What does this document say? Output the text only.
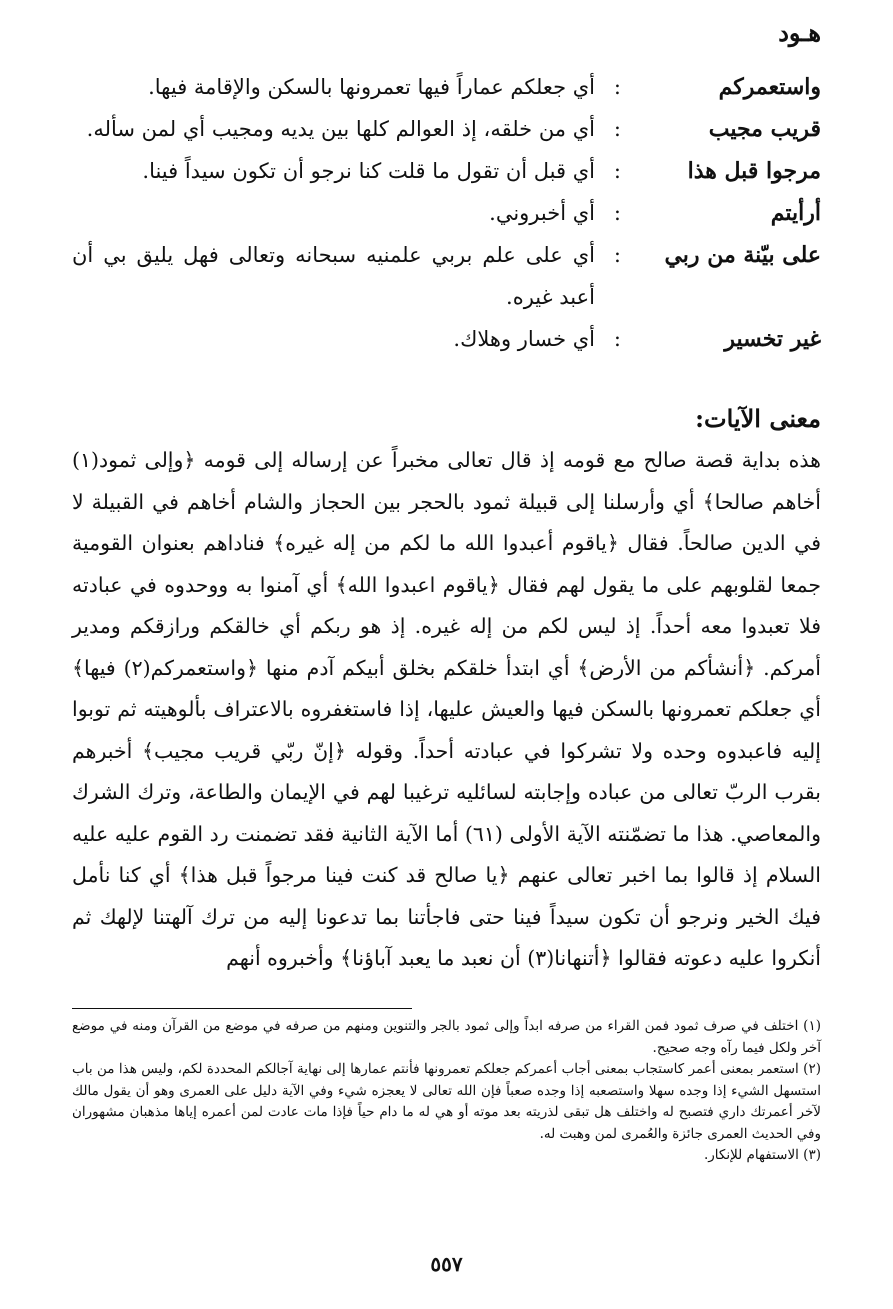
هـود
واستعمركم
:
أي جعلكم عماراً فيها تعمرونها بالسكن والإقامة فيها.
قريب مجيب
:
أي من خلقه، إذ العوالم كلها بين يديه ومجيب أي لمن سأله.
مرجوا قبل هذا
:
أي قبل أن تقول ما قلت كنا نرجو أن تكون سيداً فينا.
أرأيتم
:
أي أخبروني.
على بيّنة من ربي
:
أي على علم بربي علمنيه سبحانه وتعالى فهل يليق بي أن أعبد غيره.
غير تخسير
:
أي خسار وهلاك.
معنى الآيات:

هذه بداية قصة صالح مع قومه إذ قال تعالى مخبراً عن إرساله إلى قومه ﴿وإلى ثمود(١) أخاهم صالحا﴾ أي وأرسلنا إلى قبيلة ثمود بالحجر بين الحجاز والشام أخاهم في القبيلة لا في الدين صالحاً. فقال ﴿ياقوم أعبدوا الله ما لكم من إله غيره﴾ فناداهم بعنوان القومية جمعا لقلوبهم على ما يقول لهم فقال ﴿ياقوم اعبدوا الله﴾ أي آمنوا به ووحدوه في عبادته فلا تعبدوا معه أحداً. إذ ليس لكم من إله غيره. إذ هو ربكم أي خالقكم ورازقكم ومدير أمركم. ﴿أنشأكم من الأرض﴾ أي ابتدأ خلقكم بخلق أبيكم آدم منها ﴿واستعمركم(٢) فيها﴾ أي جعلكم تعمرونها بالسكن فيها والعيش عليها، إذا فاستغفروه بالاعتراف بألوهيته ثم توبوا إليه فاعبدوه وحده ولا تشركوا في عبادته أحداً. وقوله ﴿إنّ ربّي قريب مجيب﴾ أخبرهم بقرب الربّ تعالى من عباده وإجابته لسائليه ترغيبا لهم في الإيمان والطاعة، وترك الشرك والمعاصي. هذا ما تضمّنته الآية الأولى (٦١) أما الآية الثانية فقد تضمنت رد القوم عليه عليه السلام إذ قالوا بما اخبر تعالى عنهم ﴿يا صالح قد كنت فينا مرجواً قبل هذا﴾ أي كنا نأمل فيك الخير ونرجو أن تكون سيداً فينا حتى فاجأتنا بما تدعونا إليه من ترك آلهتنا لإلهك ثم أنكروا عليه دعوته فقالوا ﴿أتنهانا(٣) أن نعبد ما يعبد آباؤنا﴾ وأخبروه أنهم

(١) اختلف في صرف ثمود فمن القراء من صرفه ابداً وإلى ثمود بالجر والتنوين ومنهم من صرفه في موضع من القرآن ومنه في موضع آخر ولكل فيما رآه وجه صحيح.

(٢) استعمر بمعنى أعمر كاستجاب بمعنى أجاب أعمركم جعلكم تعمرونها فأنتم عمارها إلى نهاية آجالكم المحددة لكم، وليس هذا من باب استسهل الشيء إذا وجده سهلا واستصعبه إذا وجده صعباً فإن الله تعالى لا يعجزه شيء وفي الآية دليل على العمرى وهو أن يقول مالك لآخر أعمرتك داري فتصبح له واختلف هل تبقى لذريته بعد موته أو هي له ما دام حياً فإذا مات عادت لمن أعمره إياها مذهبان مشهوران وفي الحديث العمرى جائزة والعُمرى لمن وهبت له.

(٣) الاستفهام للإنكار.

٥٥٧
